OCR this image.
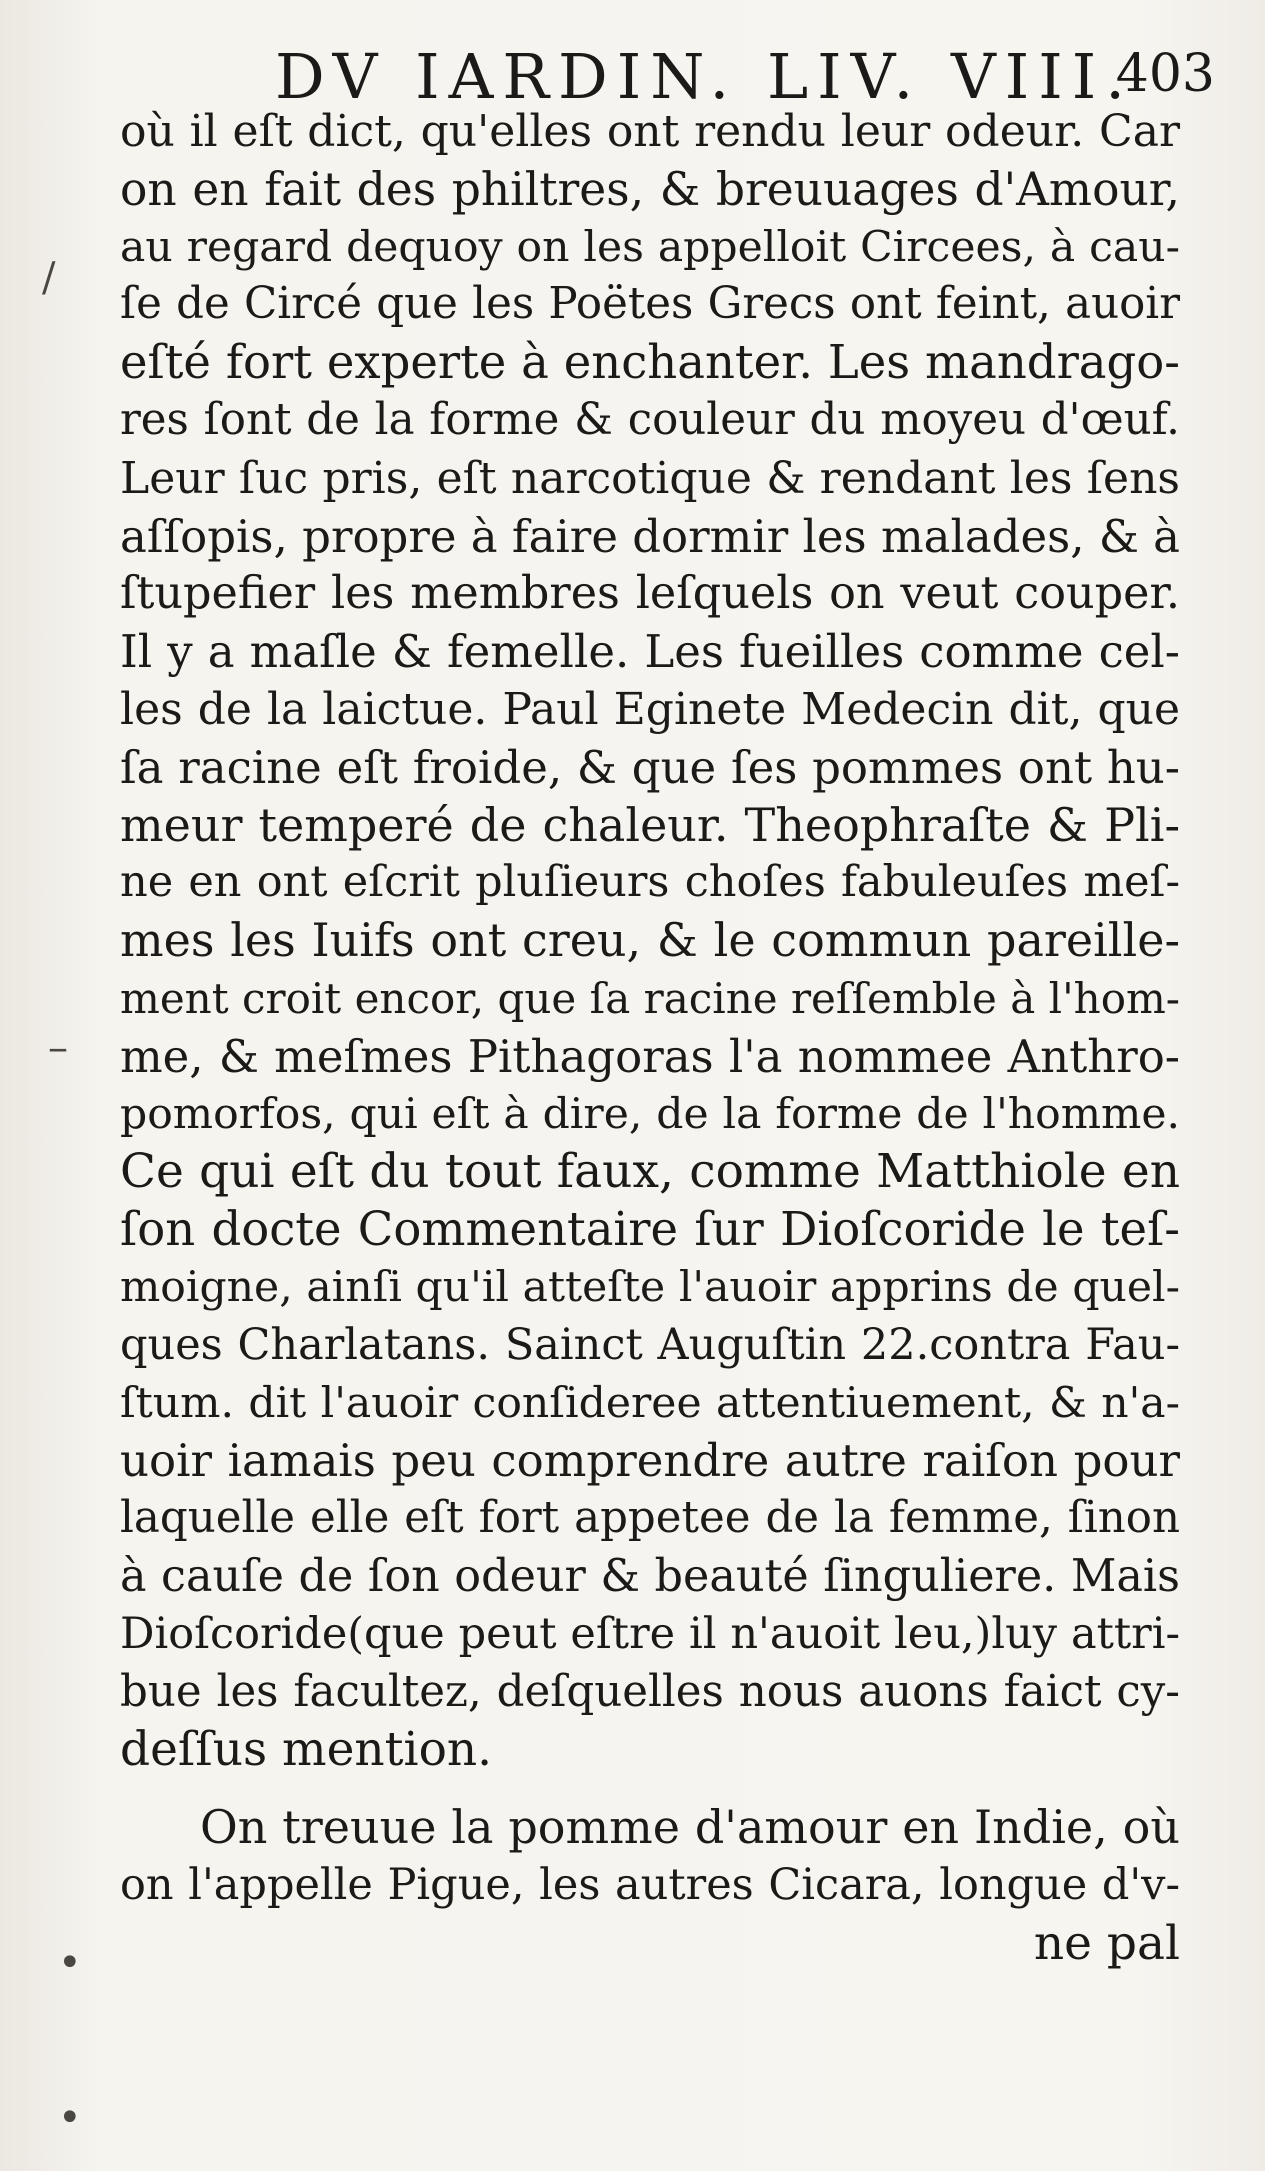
DV IARDIN. LIV. VIII.
403
où il eſt dict, qu'elles ont rendu leur odeur. Car
on en fait des philtres, & breuuages d'Amour,
au regard dequoy on les appelloit Circees, à cau-
ſe de Circé que les Poëtes Grecs ont feint, auoir
eſté fort experte à enchanter. Les mandrago-
res ſont de la forme & couleur du moyeu d'œuf.
Leur ſuc pris, eſt narcotique & rendant les ſens
aſſopis, propre à faire dormir les malades, & à
ſtupefier les membres leſquels on veut couper.
Il y a maſle & femelle. Les fueilles comme cel-
les de la laictue. Paul Eginete Medecin dit, que
ſa racine eſt froide, & que ſes pommes ont hu-
meur temperé de chaleur. Theophraſte & Pli-
ne en ont eſcrit pluſieurs choſes fabuleuſes meſ-
mes les Iuifs ont creu, & le commun pareille-
ment croit encor, que ſa racine reſſemble à l'hom-
me, & meſmes Pithagoras l'a nommee Anthro-
pomorfos, qui eſt à dire, de la forme de l'homme.
Ce qui eſt du tout faux, comme Matthiole en
ſon docte Commentaire ſur Dioſcoride le teſ-
moigne, ainſi qu'il atteſte l'auoir apprins de quel-
ques Charlatans. Sainct Auguſtin 22.contra Fau-
ſtum. dit l'auoir conſideree attentiuement, & n'a-
uoir iamais peu comprendre autre raiſon pour
laquelle elle eſt fort appetee de la femme, ſinon
à cauſe de ſon odeur & beauté ſinguliere. Mais
Dioſcoride(que peut eſtre il n'auoit leu,)luy attri-
bue les facultez, deſquelles nous auons faict cy-
deſſus mention.
On treuue la pomme d'amour en Indie, où
on l'appelle Pigue, les autres Cicara, longue d'v-
ne pal
/
–
•
•
